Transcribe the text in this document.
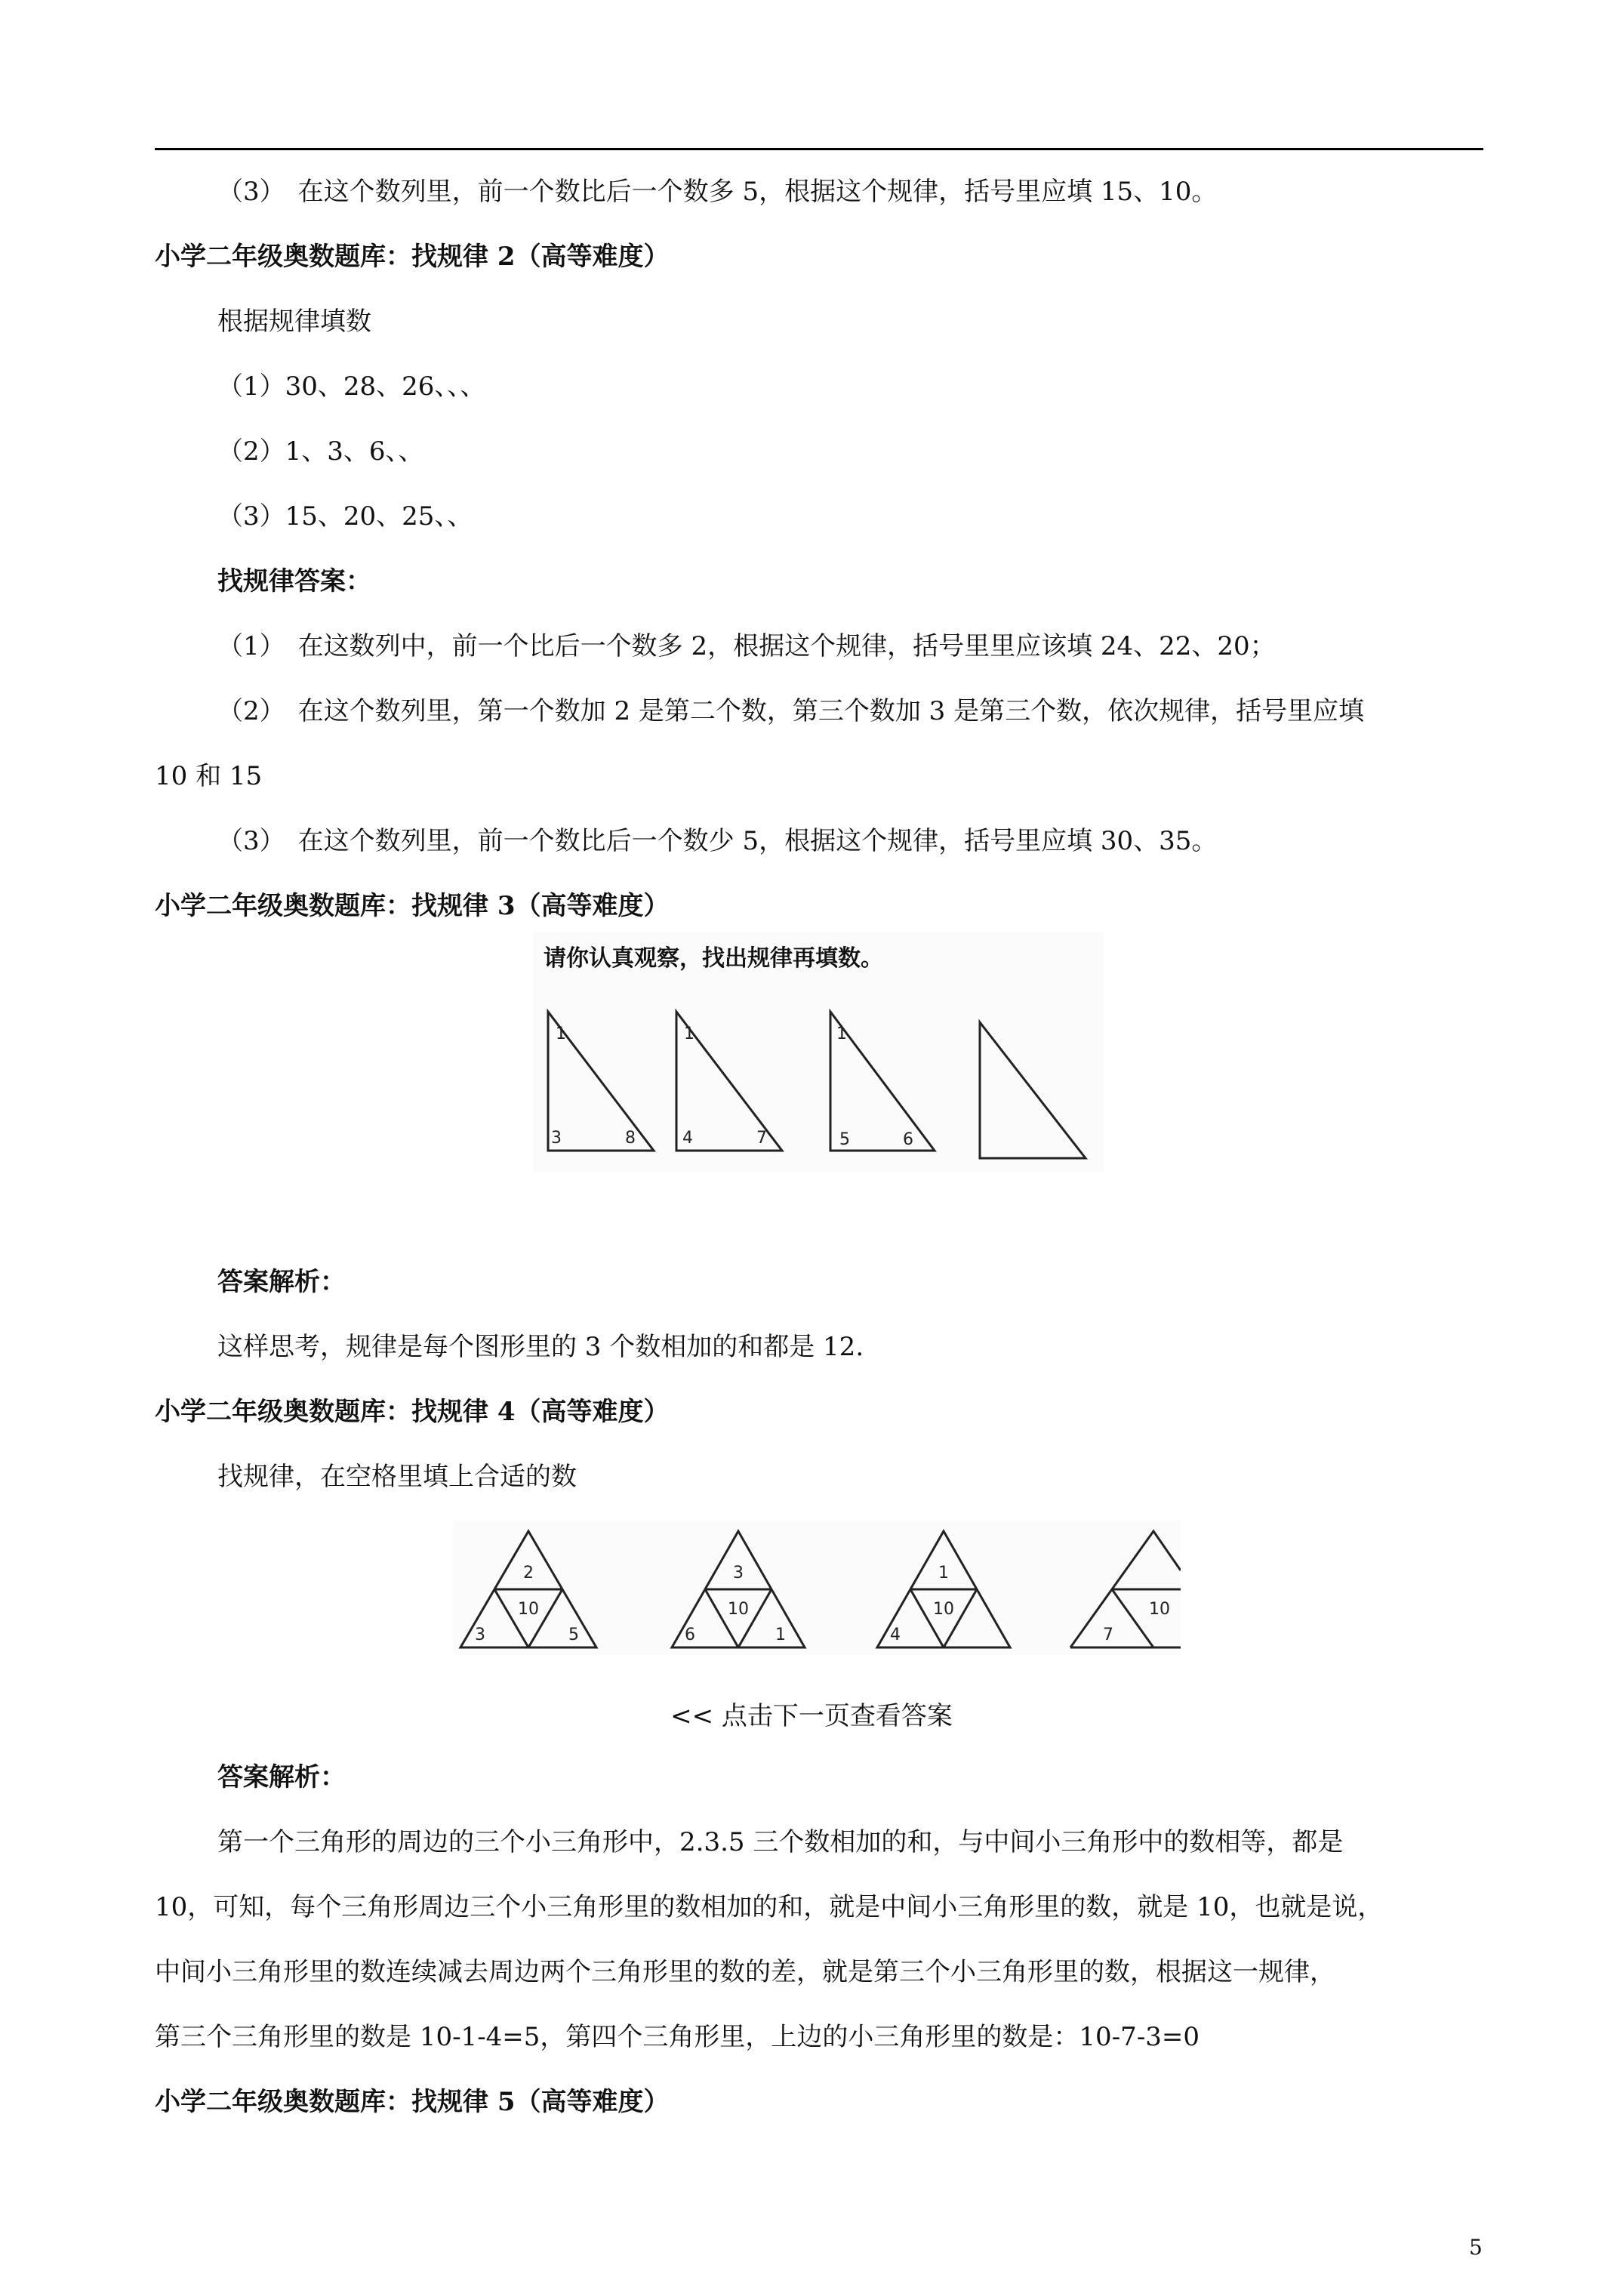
（3）　在这个数列里，前一个数比后一个数多 5，根据这个规律，括号里应填 15、10。
小学二年级奥数题库：找规律 2（高等难度）
根据规律填数
（1）30、28、26、、、
（2）1、3、6、、
（3）15、20、25、、
找规律答案：
（1）　在这数列中，前一个比后一个数多 2，根据这个规律，括号里里应该填 24、22、20；
（2）　在这个数列里，第一个数加 2 是第二个数，第三个数加 3 是第三个数，依次规律，括号里应填
10 和 15
（3）　在这个数列里，前一个数比后一个数少 5，根据这个规律，括号里应填 30、35。
小学二年级奥数题库：找规律 3（高等难度）
请你认真观察，找出规律再填数。
1
3	8
1
4	7
1
5	6
答案解析：
这样思考，规律是每个图形里的 3 个数相加的和都是 12.
小学二年级奥数题库：找规律 4（高等难度）
找规律，在空格里填上合适的数
2
10
3	5
3
10
6	1
1
10
4
10
7
<< 点击下一页查看答案
答案解析：
第一个三角形的周边的三个小三角形中，2.3.5 三个数相加的和，与中间小三角形中的数相等，都是
10，可知，每个三角形周边三个小三角形里的数相加的和，就是中间小三角形里的数，就是 10，也就是说，
中间小三角形里的数连续减去周边两个三角形里的数的差，就是第三个小三角形里的数，根据这一规律，
第三个三角形里的数是 10-1-4=5，第四个三角形里，上边的小三角形里的数是：10-7-3=0
小学二年级奥数题库：找规律 5（高等难度）
5
